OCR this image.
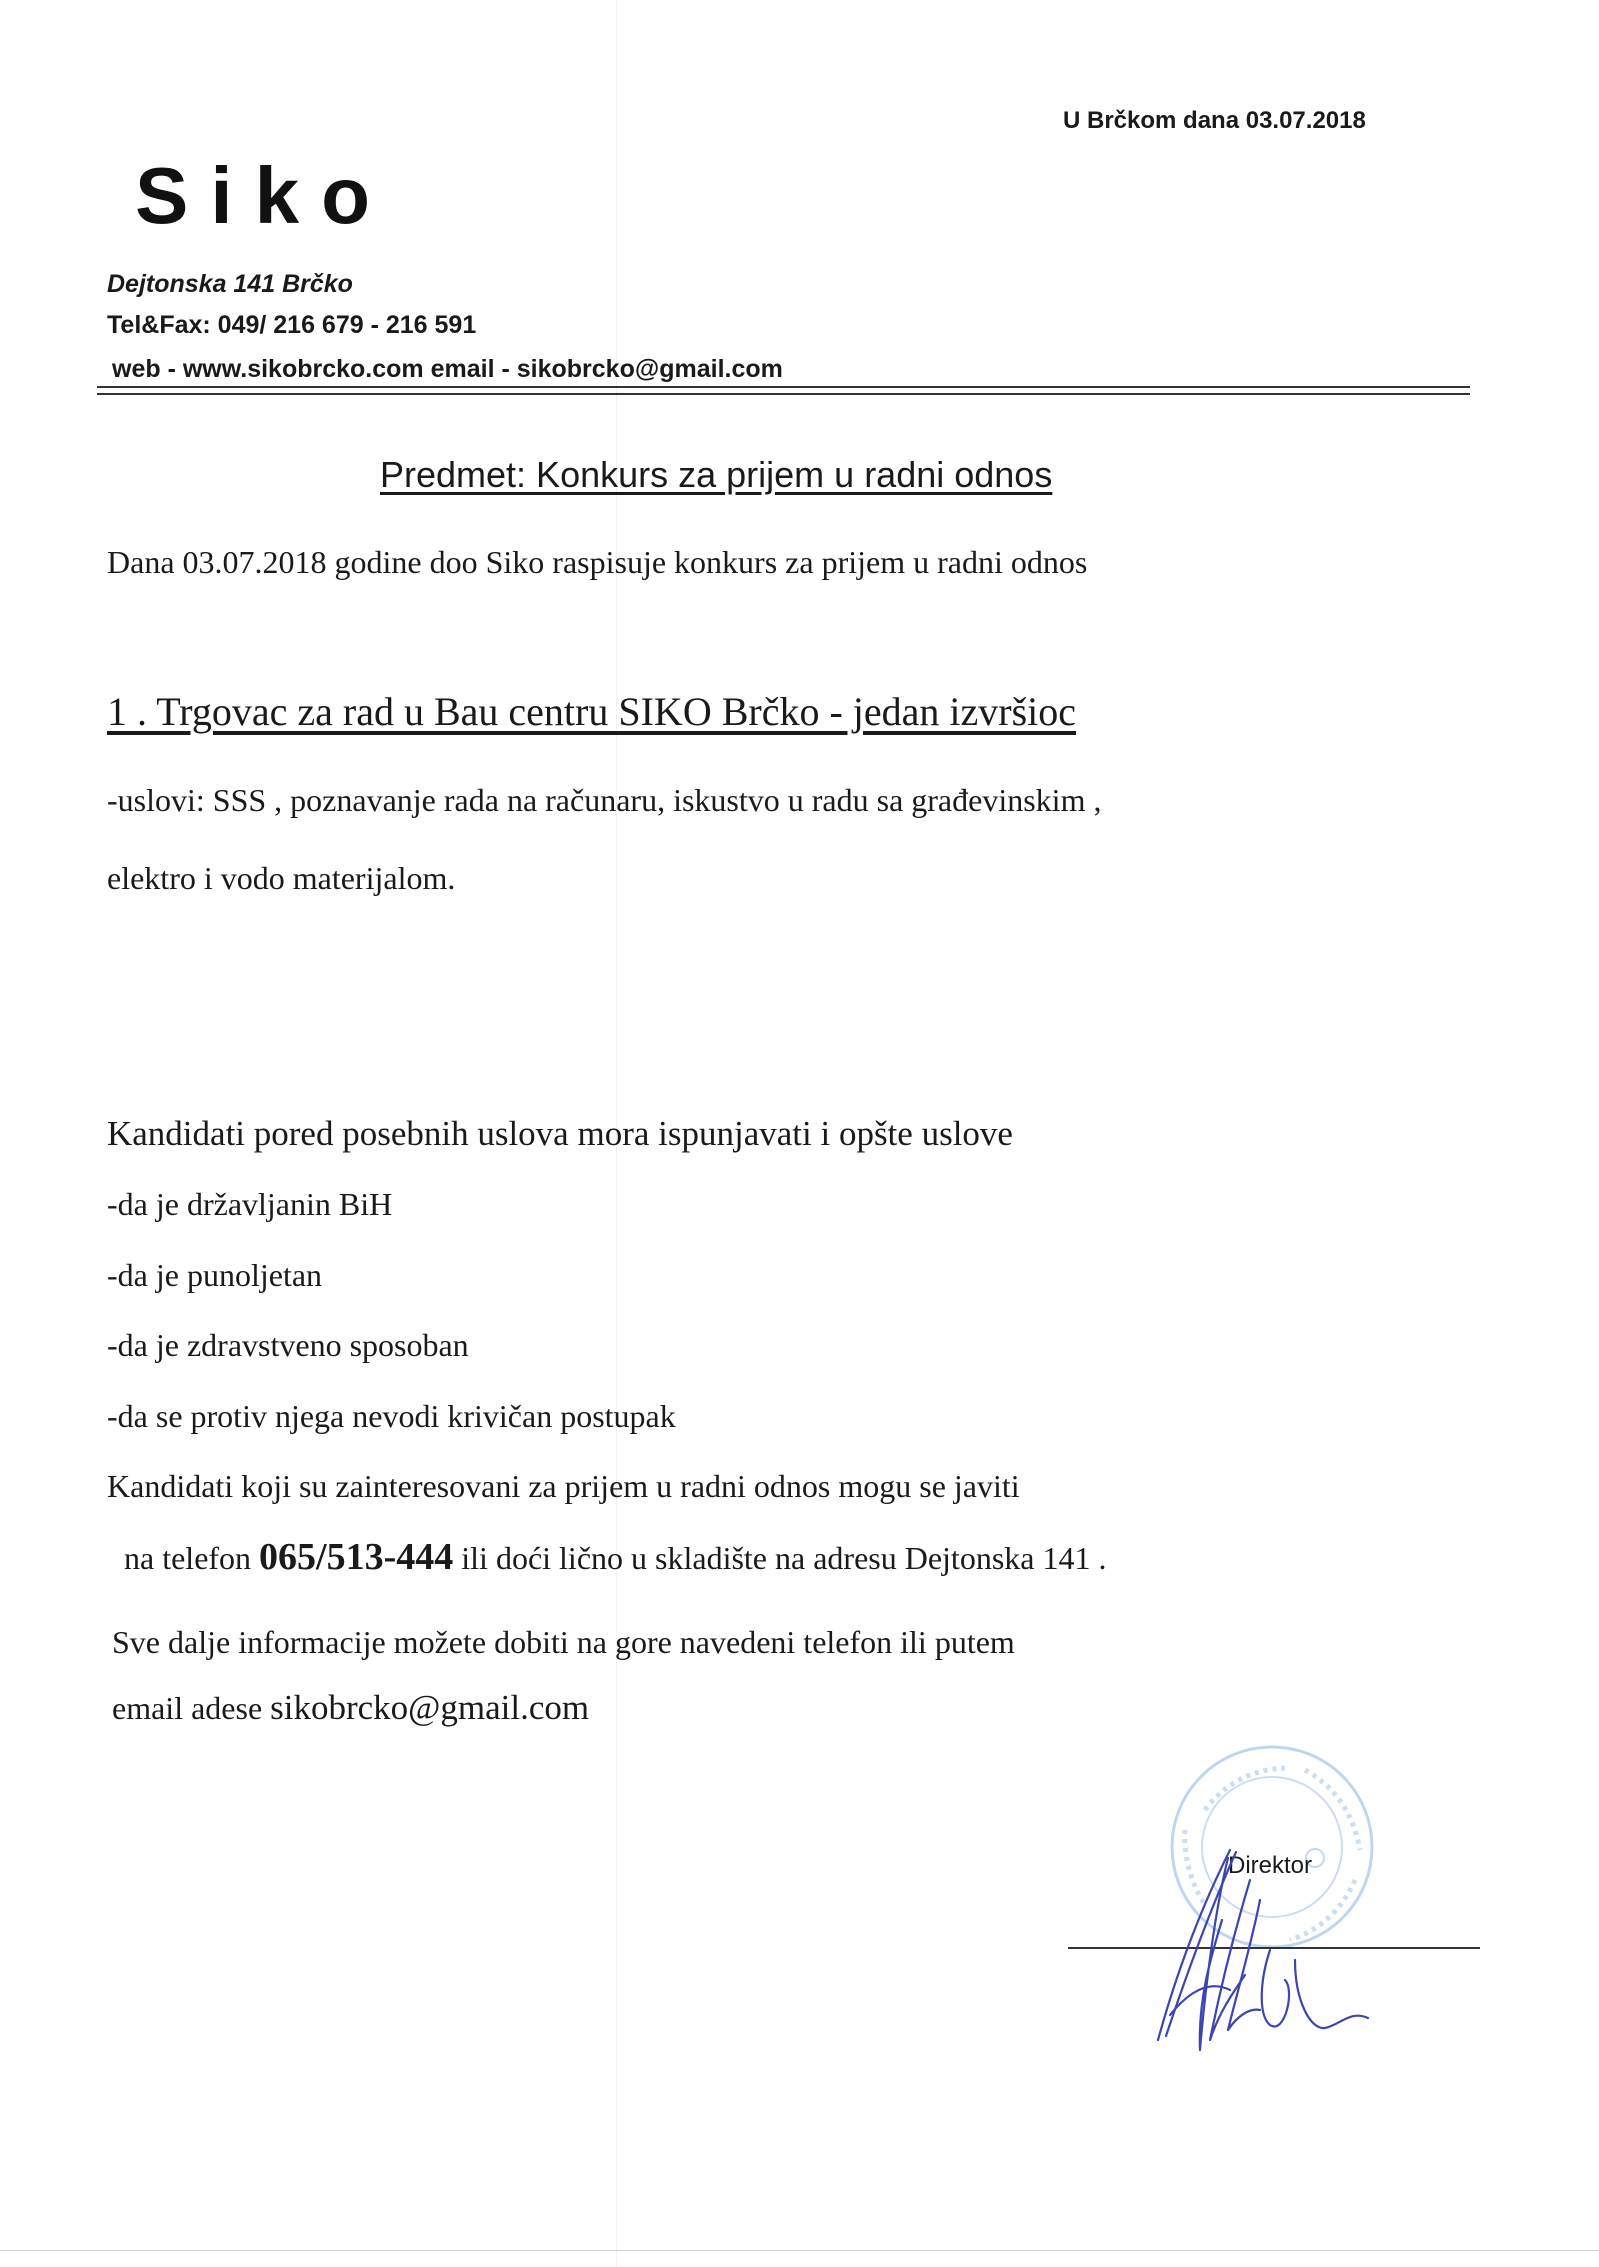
U Brčkom dana 03.07.2018
Siko
Dejtonska 141 Brčko
Tel&Fax: 049/ 216 679 - 216 591
web - www.sikobrcko.com email - sikobrcko@gmail.com
Predmet: Konkurs za prijem u radni odnos
Dana 03.07.2018 godine doo Siko raspisuje konkurs za prijem u radni odnos
1 . Trgovac za rad u Bau centru SIKO Brčko - jedan izvršioc
-uslovi: SSS , poznavanje rada na računaru, iskustvo u radu sa građevinskim ,
elektro i vodo materijalom.
Kandidati pored posebnih uslova mora ispunjavati i opšte uslove
-da je državljanin BiH
-da je punoljetan
-da je zdravstveno sposoban
-da se protiv njega nevodi krivičan postupak
Kandidati koji su zainteresovani za prijem u radni odnos mogu se javiti
na telefon 065/513-444 ili doći lično u skladište na adresu Dejtonska 141 .
Sve dalje informacije možete dobiti na gore navedeni telefon ili putem
email adese sikobrcko@gmail.com
Direktor
